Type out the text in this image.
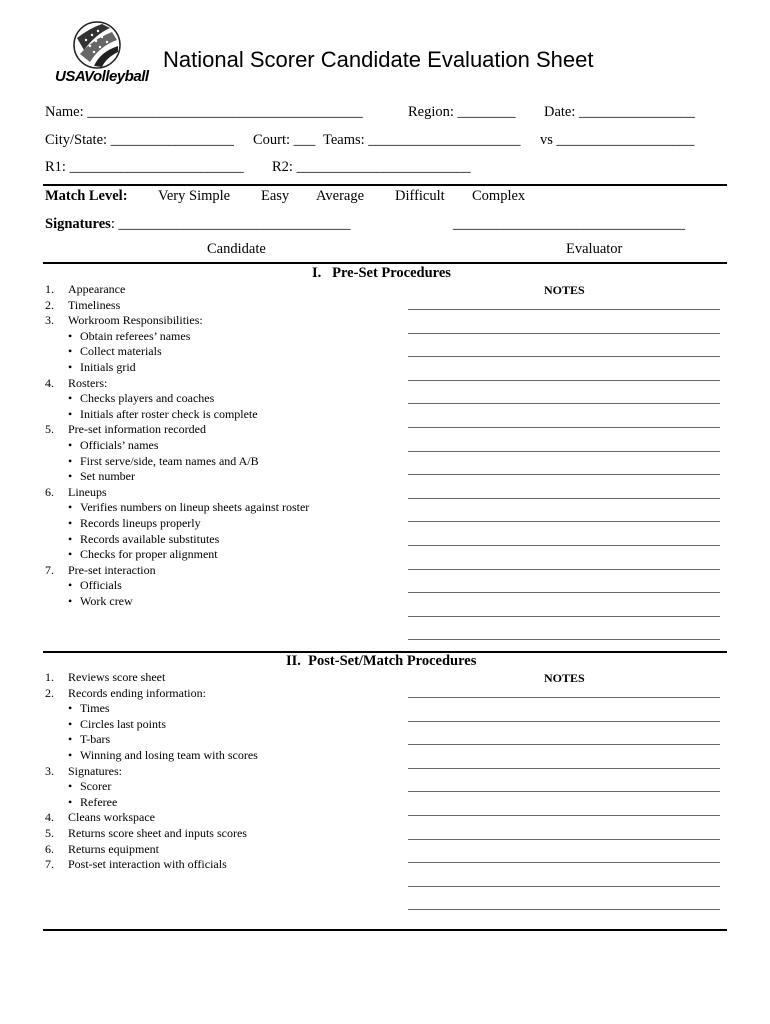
USAVolleyball
National Scorer Candidate Evaluation Sheet
Name: ______________________________________	Region: ________ Date: ________________
City/State: _________________ Court: ___ Teams: _____________________ vs ___________________
R1: ________________________ R2: ________________________
Match Level: Very Simple Easy Average Difficult Complex
Signatures: ________________________________	________________________________
Candidate	Evaluator
I.   Pre-Set Procedures
NOTES
1. Appearance
2. Timeliness
3. Workroom Responsibilities:
• Obtain referees’ names
• Collect materials
• Initials grid
4. Rosters:
• Checks players and coaches
• Initials after roster check is complete
5. Pre-set information recorded
• Officials’ names
• First serve/side, team names and A/B
• Set number
6. Lineups
• Verifies numbers on lineup sheets against roster
• Records lineups properly
• Records available substitutes
• Checks for proper alignment
7. Pre-set interaction
• Officials
• Work crew
____________________________________________________
____________________________________________________
____________________________________________________
____________________________________________________
____________________________________________________
____________________________________________________
____________________________________________________
____________________________________________________
____________________________________________________
____________________________________________________
____________________________________________________
____________________________________________________
____________________________________________________
____________________________________________________
____________________________________________________
II.  Post-Set/Match Procedures
NOTES
1. Reviews score sheet
2. Records ending information:
• Times
• Circles last points
• T-bars
• Winning and losing team with scores
3. Signatures:
• Scorer
• Referee
4. Cleans workspace
5. Returns score sheet and inputs scores
6. Returns equipment
7. Post-set interaction with officials
____________________________________________________
____________________________________________________
____________________________________________________
____________________________________________________
____________________________________________________
____________________________________________________
____________________________________________________
____________________________________________________
____________________________________________________
____________________________________________________
